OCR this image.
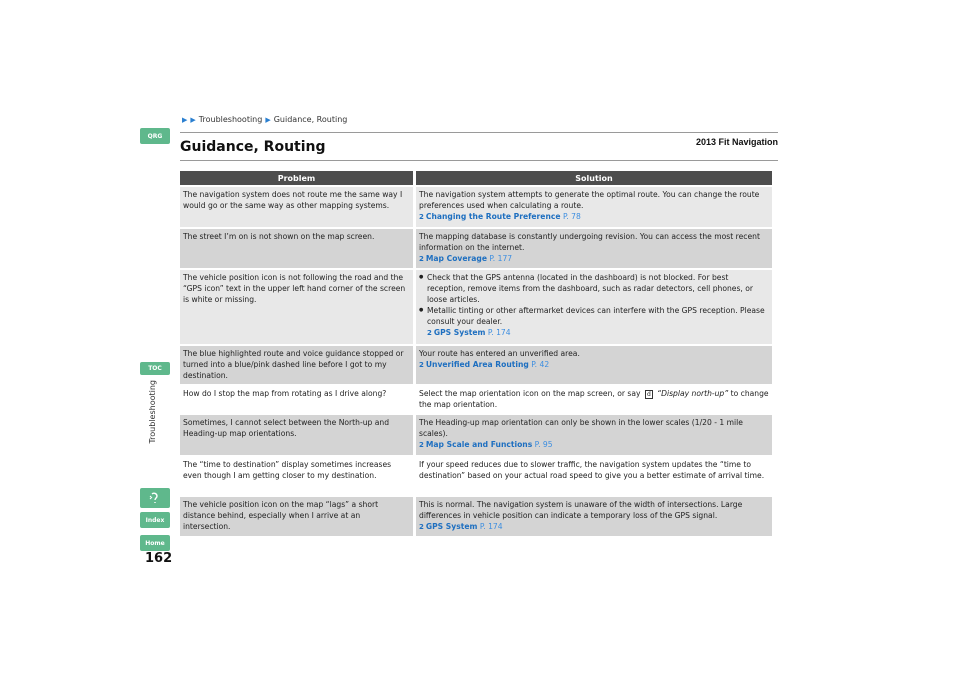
QRG
TOC
Troubleshooting
Index
Home
▶ ▶ Troubleshooting ▶ Guidance, Routing
Guidance, Routing	2013 Fit Navigation
Problem	Solution
The navigation system does not route me the same way I would go or the same way as other mapping systems.	The navigation system attempts to generate the optimal route. You can change the route preferences used when calculating a route.
2 Changing the Route Preference P. 78

The street I’m on is not shown on the map screen.	The mapping database is constantly undergoing revision. You can access the most recent information on the internet.
2 Map Coverage P. 177

The vehicle position icon is not following the road and the “GPS icon” text in the upper left hand corner of the screen is white or missing.	● Check that the GPS antenna (located in the dashboard) is not blocked. For best reception, remove items from the dashboard, such as radar detectors, cell phones, or loose articles.
● Metallic tinting or other aftermarket devices can interfere with the GPS reception. Please consult your dealer.
2 GPS System P. 174

The blue highlighted route and voice guidance stopped or turned into a blue/pink dashed line before I got to my destination.	Your route has entered an unverified area.
2 Unverified Area Routing P. 42

How do I stop the map from rotating as I drive along?	Select the map orientation icon on the map screen, or say d “Display north-up” to change the map orientation.
Sometimes, I cannot select between the North-up and Heading-up map orientations.	The Heading-up map orientation can only be shown in the lower scales (1/20 - 1 mile scales).
2 Map Scale and Functions P. 95

The “time to destination” display sometimes increases even though I am getting closer to my destination.	If your speed reduces due to slower traffic, the navigation system updates the “time to destination” based on your actual road speed to give you a better estimate of arrival time.
The vehicle position icon on the map “lags” a short distance behind, especially when I arrive at an intersection.	This is normal. The navigation system is unaware of the width of intersections. Large differences in vehicle position can indicate a temporary loss of the GPS signal.
2 GPS System P. 174
162
